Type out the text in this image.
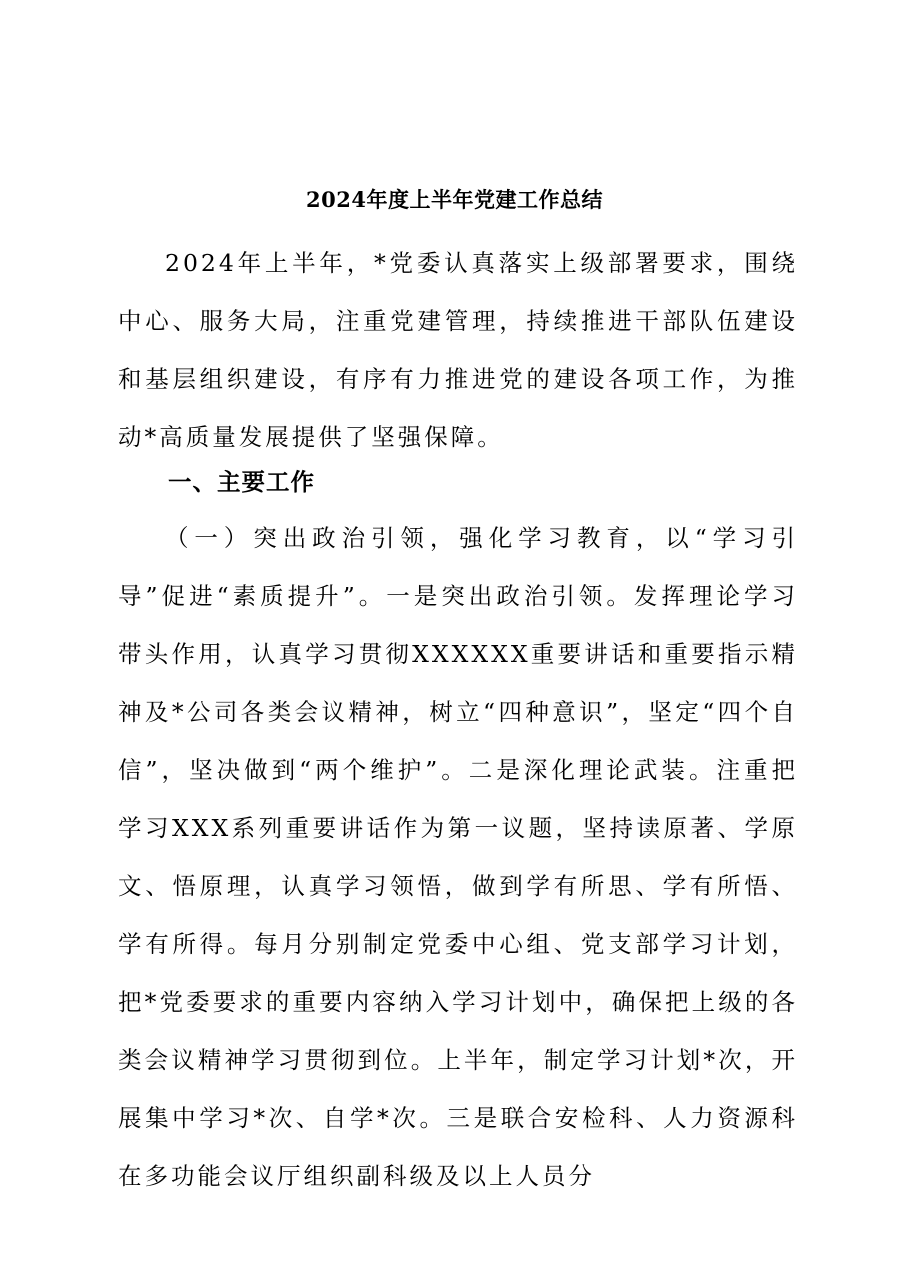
2024年度上半年党建工作总结

2024年上半年，*党委认真落实上级部署要求，围绕中心、服务大局，注重党建管理，持续推进干部队伍建设和基层组织建设，有序有力推进党的建设各项工作，为推动*高质量发展提供了坚强保障。

一、主要工作

（一）突出政治引领，强化学习教育，以“学习引导”促进“素质提升”。一是突出政治引领。发挥理论学习带头作用，认真学习贯彻XXXXXX重要讲话和重要指示精神及*公司各类会议精神，树立“四种意识”，坚定“四个自信”，坚决做到“两个维护”。二是深化理论武装。注重把学习XXX系列重要讲话作为第一议题，坚持读原著、学原文、悟原理，认真学习领悟，做到学有所思、学有所悟、学有所得。每月分别制定党委中心组、党支部学习计划，把*党委要求的重要内容纳入学习计划中，确保把上级的各类会议精神学习贯彻到位。上半年，制定学习计划*次，开展集中学习*次、自学*次。三是联合安检科、人力资源科在多功能会议厅组织副科级及以上人员分
